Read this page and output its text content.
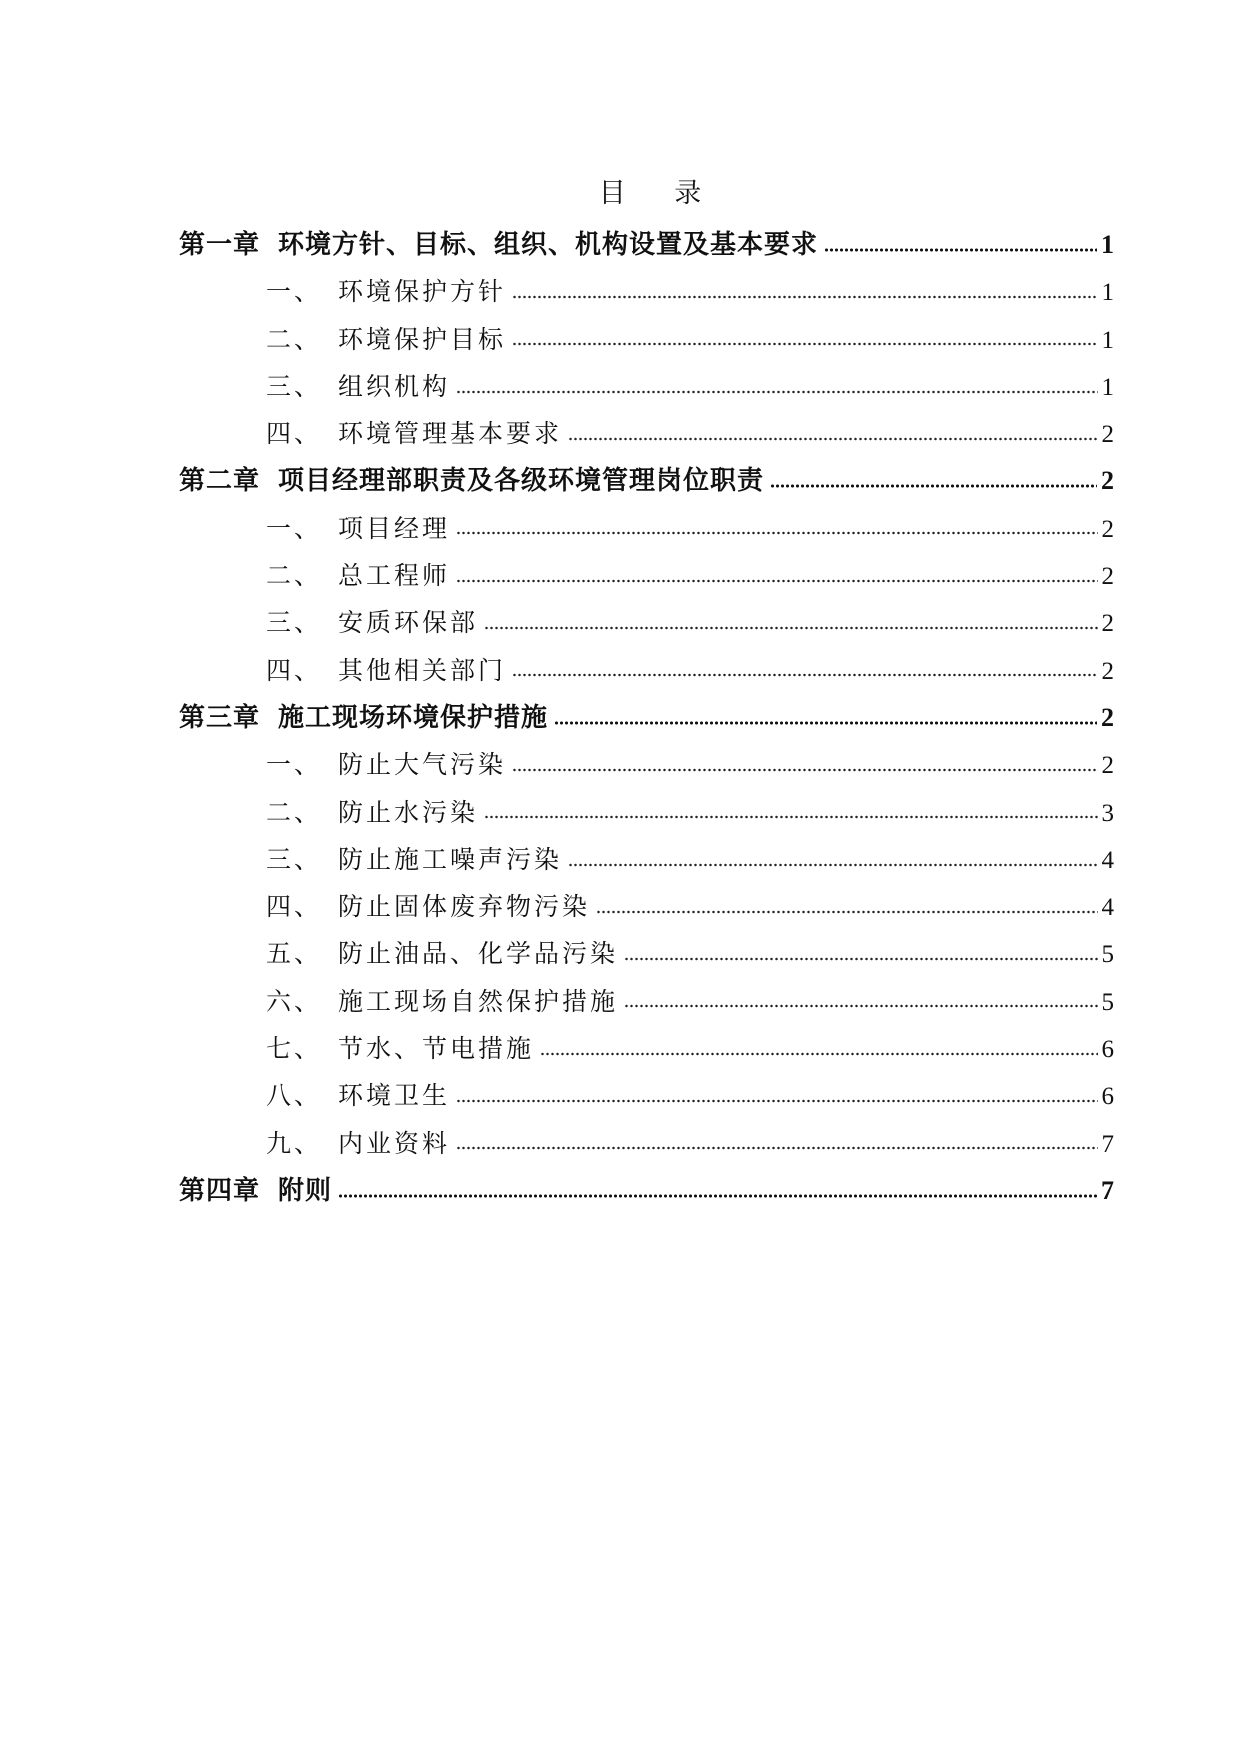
目 录
第一章 环境方针、目标、组织、机构设置及基本要求	1
一、 环境保护方针	1
二、 环境保护目标	1
三、 组织机构	1
四、 环境管理基本要求	2
第二章 项目经理部职责及各级环境管理岗位职责	2
一、 项目经理	2
二、 总工程师	2
三、 安质环保部	2
四、 其他相关部门	2
第三章 施工现场环境保护措施	2
一、 防止大气污染	2
二、 防止水污染	3
三、 防止施工噪声污染	4
四、 防止固体废弃物污染	4
五、 防止油品、化学品污染	5
六、 施工现场自然保护措施	5
七、 节水、节电措施	6
八、 环境卫生	6
九、 内业资料	7
第四章 附则	7
